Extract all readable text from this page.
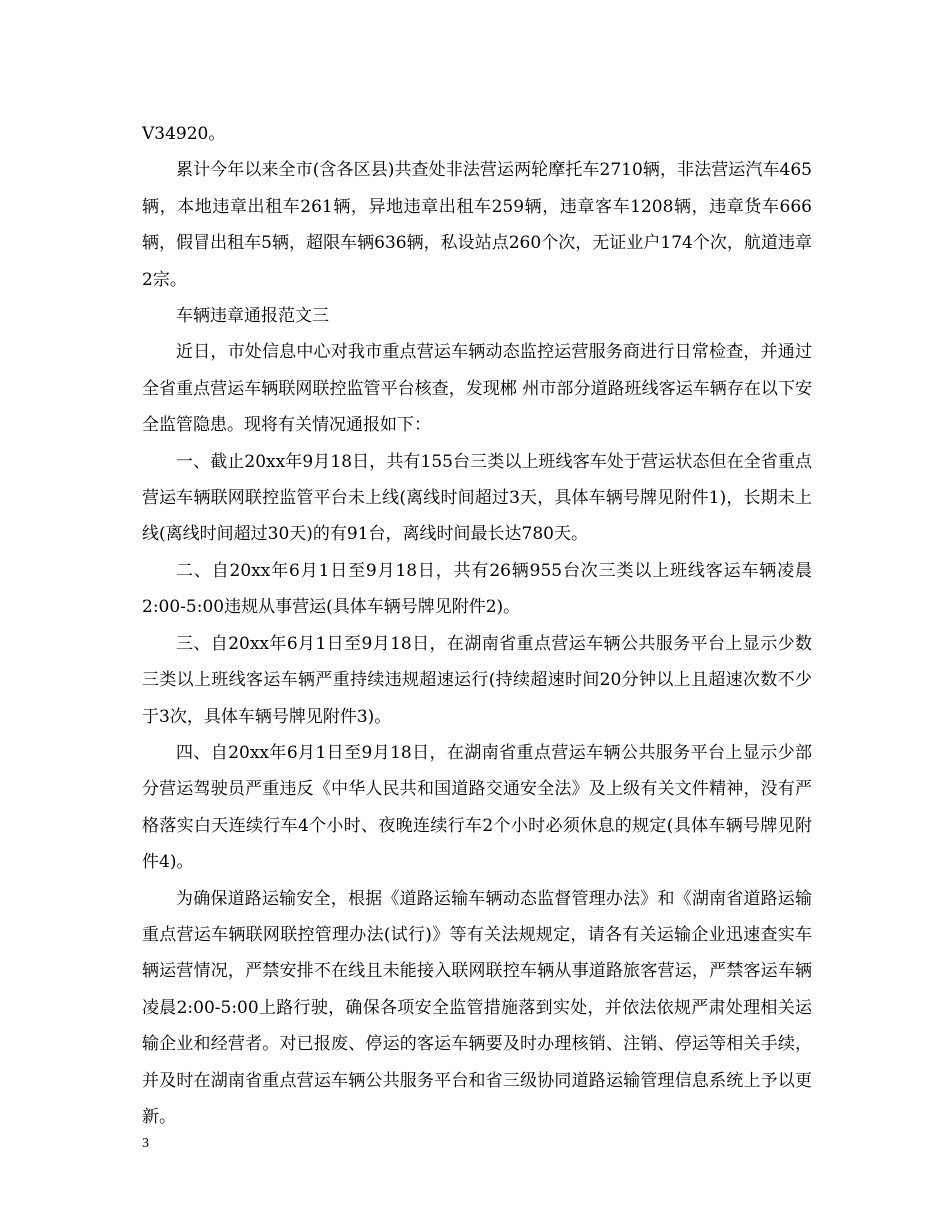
V34920。

累计今年以来全市(含各区县)共查处非法营运两轮摩托车2710辆，非法营运汽车465辆，本地违章出租车261辆，异地违章出租车259辆，违章客车1208辆，违章货车666辆，假冒出租车5辆，超限车辆636辆，私设站点260个次，无证业户174个次，航道违章2宗。

车辆违章通报范文三

近日，市处信息中心对我市重点营运车辆动态监控运营服务商进行日常检查，并通过全省重点营运车辆联网联控监管平台核查，发现郴 州市部分道路班线客运车辆存在以下安全监管隐患。现将有关情况通报如下：

一、截止20xx年9月18日，共有155台三类以上班线客车处于营运状态但在全省重点营运车辆联网联控监管平台未上线(离线时间超过3天，具体车辆号牌见附件1)，长期未上线(离线时间超过30天)的有91台，离线时间最长达780天。

二、自20xx年6月1日至9月18日，共有26辆955台次三类以上班线客运车辆凌晨2:00-5:00违规从事营运(具体车辆号牌见附件2)。

三、自20xx年6月1日至9月18日，在湖南省重点营运车辆公共服务平台上显示少数三类以上班线客运车辆严重持续违规超速运行(持续超速时间20分钟以上且超速次数不少于3次，具体车辆号牌见附件3)。

四、自20xx年6月1日至9月18日，在湖南省重点营运车辆公共服务平台上显示少部分营运驾驶员严重违反《中华人民共和国道路交通安全法》及上级有关文件精神，没有严格落实白天连续行车4个小时、夜晚连续行车2个小时必须休息的规定(具体车辆号牌见附件4)。

为确保道路运输安全，根据《道路运输车辆动态监督管理办法》和《湖南省道路运输重点营运车辆联网联控管理办法(试行)》等有关法规规定，请各有关运输企业迅速查实车辆运营情况，严禁安排不在线且未能接入联网联控车辆从事道路旅客营运，严禁客运车辆凌晨2:00-5:00上路行驶，确保各项安全监管措施落到实处，并依法依规严肃处理相关运输企业和经营者。对已报废、停运的客运车辆要及时办理核销、注销、停运等相关手续，并及时在湖南省重点营运车辆公共服务平台和省三级协同道路运输管理信息系统上予以更新。

3
